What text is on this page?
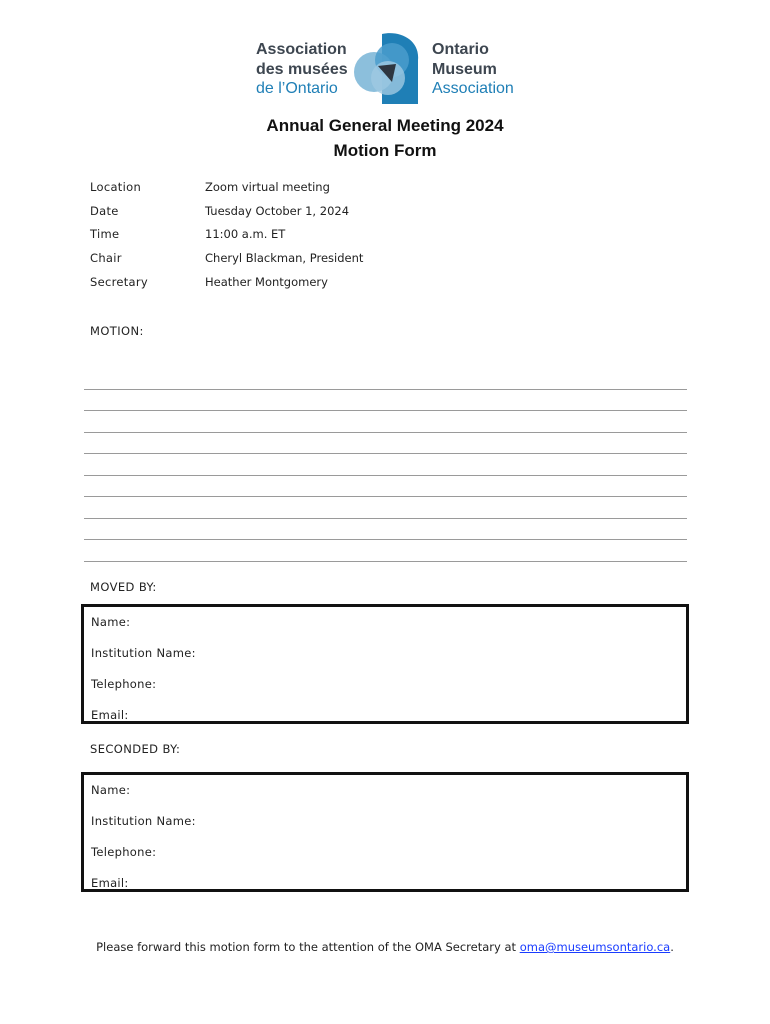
Association
des musées
de l’Ontario
Ontario
Museum
Association
Annual General Meeting 2024
Motion Form
Location	Zoom virtual meeting
Date	Tuesday October 1, 2024
Time	11:00 a.m. ET
Chair	Cheryl Blackman, President
Secretary	Heather Montgomery
MOTION:
MOVED BY:
Name:
Institution Name:
Telephone:
Email:
SECONDED BY:
Name:
Institution Name:
Telephone:
Email:
Please forward this motion form to the attention of the OMA Secretary at oma@museumsontario.ca.
